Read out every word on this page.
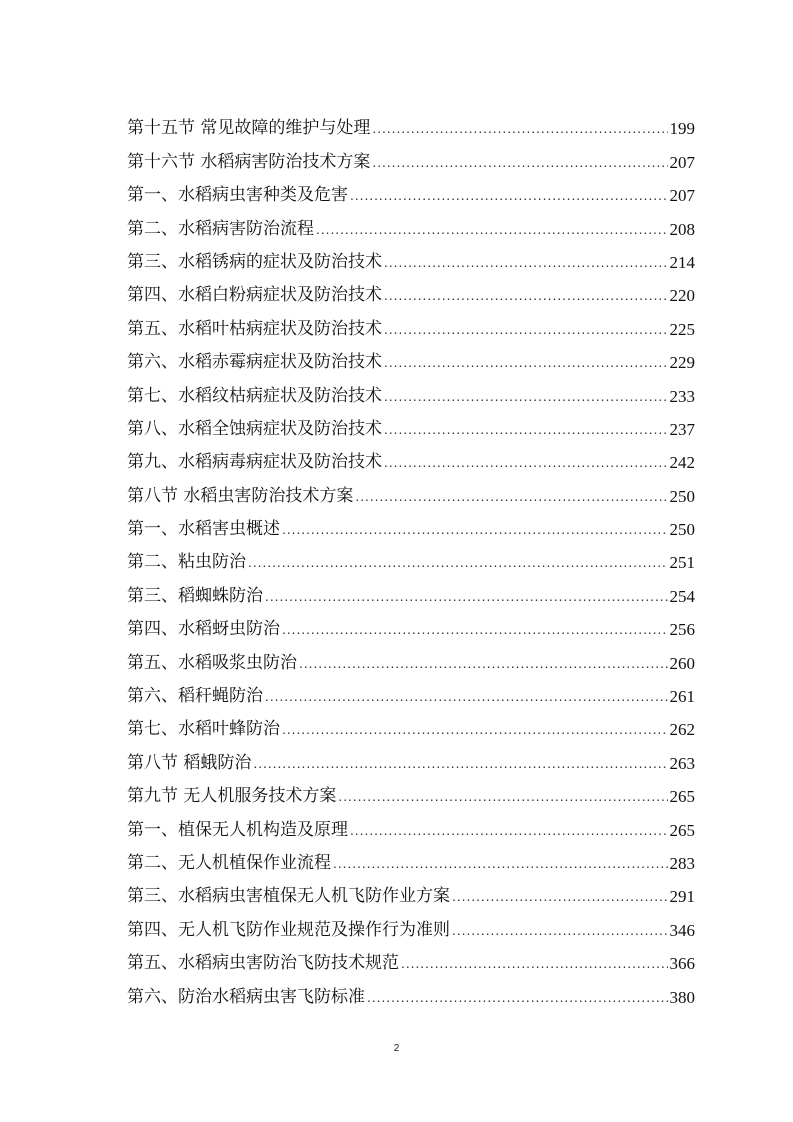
第十五节 常见故障的维护与处理 .....	199
第十六节 水稻病害防治技术方案 .....	207
第一、水稻病虫害种类及危害 .....	207
第二、水稻病害防治流程 .....	208
第三、水稻锈病的症状及防治技术 .....	214
第四、水稻白粉病症状及防治技术 .....	220
第五、水稻叶枯病症状及防治技术 .....	225
第六、水稻赤霉病症状及防治技术 .....	229
第七、水稻纹枯病症状及防治技术 .....	233
第八、水稻全蚀病症状及防治技术 .....	237
第九、水稻病毒病症状及防治技术 .....	242
第八节 水稻虫害防治技术方案 .....	250
第一、水稻害虫概述 .....	250
第二、粘虫防治 .....	251
第三、稻蜘蛛防治 .....	254
第四、水稻蚜虫防治 .....	256
第五、水稻吸浆虫防治 .....	260
第六、稻秆蝇防治 .....	261
第七、水稻叶蜂防治 .....	262
第八节 稻蛾防治 .....	263
第九节 无人机服务技术方案 .....	265
第一、植保无人机构造及原理 .....	265
第二、无人机植保作业流程 .....	283
第三、水稻病虫害植保无人机飞防作业方案 .....	291
第四、无人机飞防作业规范及操作行为准则 .....	346
第五、水稻病虫害防治飞防技术规范 .....	366
第六、防治水稻病虫害飞防标准 .....	380
2
